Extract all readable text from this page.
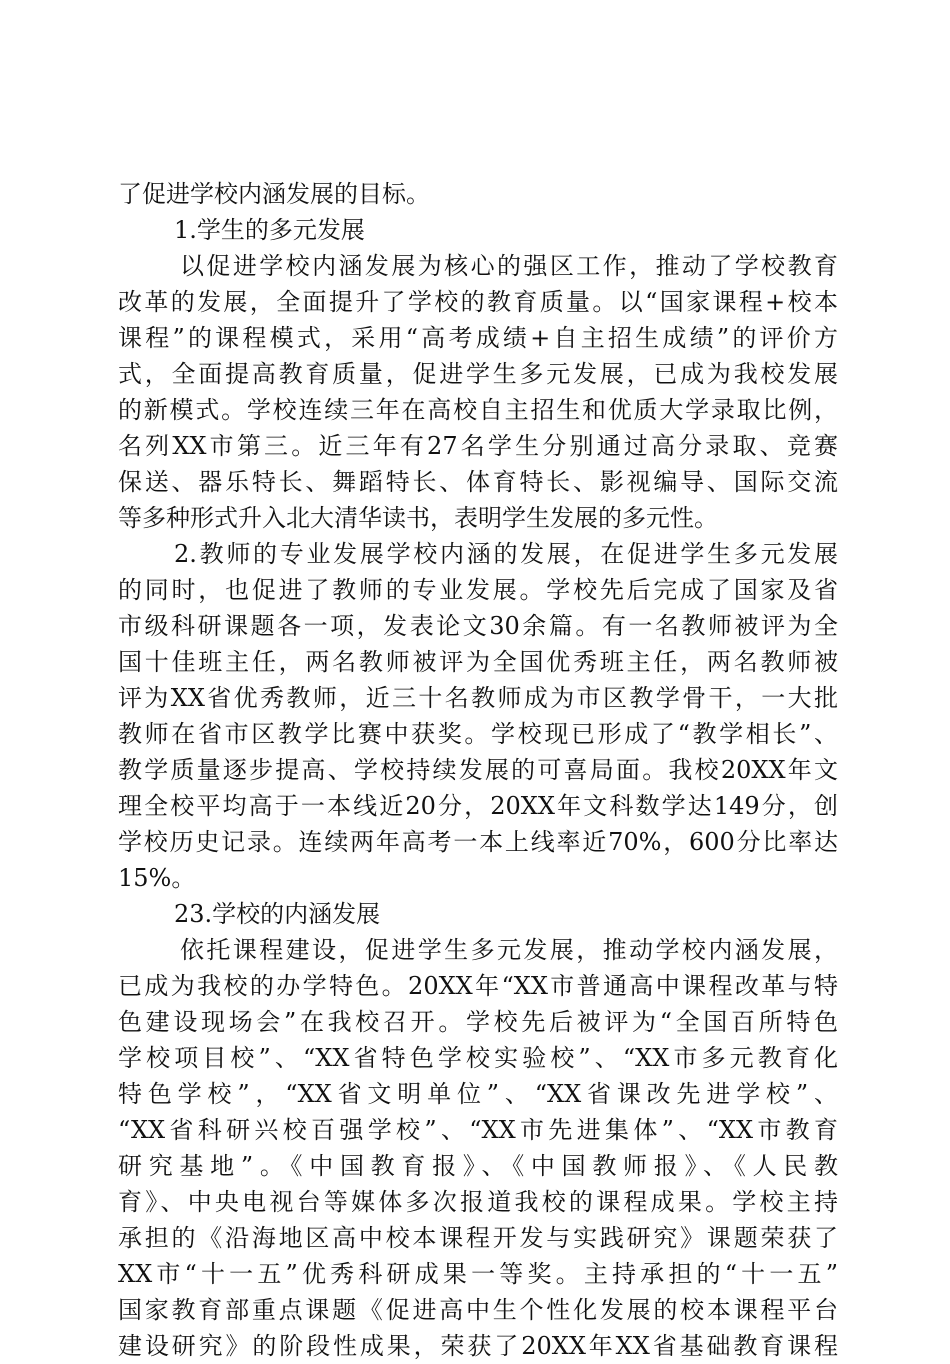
了促进学校内涵发展的目标。
1.学生的多元发展
以促进学校内涵发展为核心的强区工作，推动了学校教育
改革的发展，全面提升了学校的教育质量。以“国家课程+校本
课程”的课程模式，采用“高考成绩+自主招生成绩”的评价方
式，全面提高教育质量，促进学生多元发展，已成为我校发展
的新模式。学校连续三年在高校自主招生和优质大学录取比例，
名列XX市第三。近三年有27名学生分别通过高分录取、竞赛
保送、器乐特长、舞蹈特长、体育特长、影视编导、国际交流
等多种形式升入北大清华读书，表明学生发展的多元性。
2.教师的专业发展学校内涵的发展，在促进学生多元发展
的同时，也促进了教师的专业发展。学校先后完成了国家及省
市级科研课题各一项，发表论文30余篇。有一名教师被评为全
国十佳班主任，两名教师被评为全国优秀班主任，两名教师被
评为XX省优秀教师，近三十名教师成为市区教学骨干，一大批
教师在省市区教学比赛中获奖。学校现已形成了“教学相长”、
教学质量逐步提高、学校持续发展的可喜局面。我校20XX年文
理全校平均高于一本线近20分，20XX年文科数学达149分，创
学校历史记录。连续两年高考一本上线率近70%，600分比率达
15%。
23.学校的内涵发展
依托课程建设，促进学生多元发展，推动学校内涵发展，
已成为我校的办学特色。20XX年“XX市普通高中课程改革与特
色建设现场会”在我校召开。学校先后被评为“全国百所特色
学校项目校”、“XX省特色学校实验校”、“XX市多元教育化
特色学校”，“XX省文明单位”、“XX省课改先进学校”、
“XX省科研兴校百强学校”、“XX市先进集体”、“XX市教育
研究基地”。《中国教育报》、《中国教师报》、《人民教
育》、中央电视台等媒体多次报道我校的课程成果。学校主持
承担的《沿海地区高中校本课程开发与实践研究》课题荣获了
XX市“十一五”优秀科研成果一等奖。主持承担的“十一五”
国家教育部重点课题《促进高中生个性化发展的校本课程平台
建设研究》的阶段性成果，荣获了20XX年XX省基础教育课程
